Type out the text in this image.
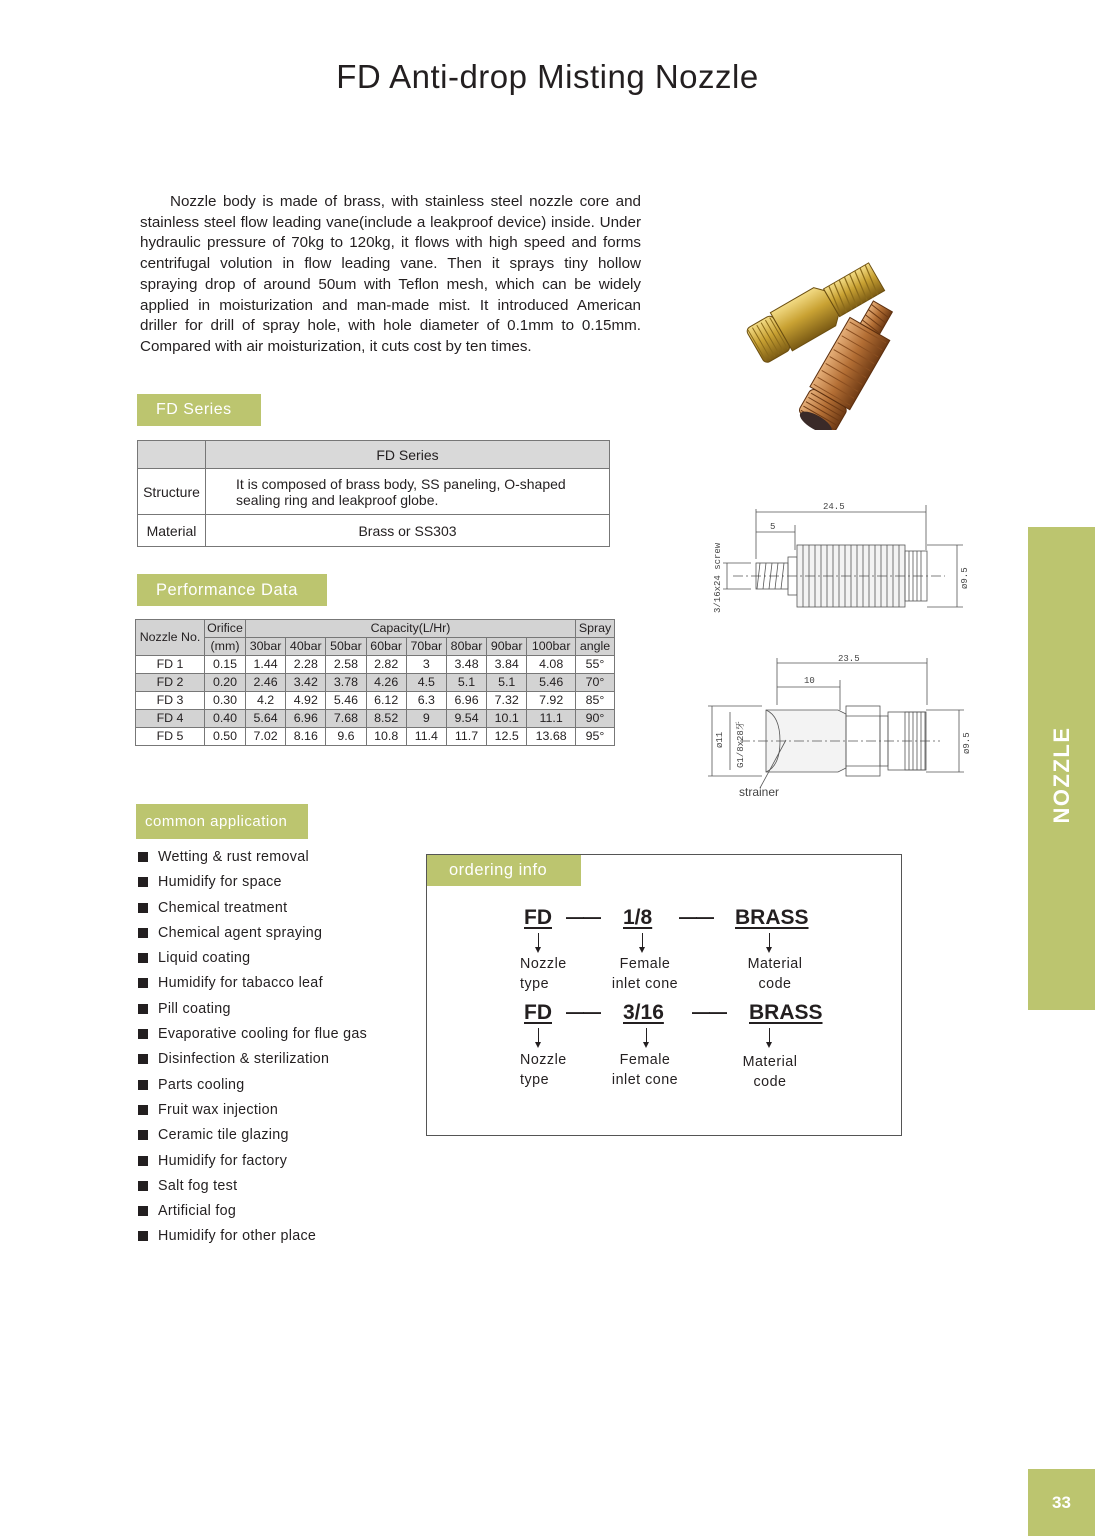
FD Anti-drop Misting Nozzle

Nozzle body is made of brass, with stainless steel nozzle core and stainless steel flow leading vane(include a leakproof device) inside. Under hydraulic pressure of 70kg to 120kg, it flows with high speed and forms centrifugal volution in flow leading vane. Then it sprays tiny hollow spraying drop of around 50um with Teflon mesh, which can be widely applied in moisturization and man-made mist. It introduced American driller for drill of spray hole, with hole diameter of 0.1mm to 0.15mm. Compared with air moisturization, it cuts cost by ten times.

FD Series
	FD Series
Structure	It is composed of brass body, SS paneling, O-shaped sealing ring and leakproof globe.
Material	Brass or SS303
24.5
5
3/16x24 screw	ø9.5
23.5
10
ø11 G1/8x28牙	ø9.5
strainer
Performance Data
Nozzle No.	Orifice	Capacity(L/Hr)								Spray
	(mm)	30bar	40bar	50bar	60bar	70bar	80bar	90bar	100bar	angle
FD 1	0.15	1.44	2.28	2.58	2.82	3	3.48	3.84	4.08	55°
FD 2	0.20	2.46	3.42	3.78	4.26	4.5	5.1	5.1	5.46	70°
FD 3	0.30	4.2	4.92	5.46	6.12	6.3	6.96	7.32	7.92	85°
FD 4	0.40	5.64	6.96	7.68	8.52	9	9.54	10.1	11.1	90°
FD 5	0.50	7.02	8.16	9.6	10.8	11.4	11.7	12.5	13.68	95°
common application
Wetting & rust removal
Humidify for space
Chemical treatment
Chemical agent spraying
Liquid coating
Humidify for tabacco leaf
Pill coating
Evaporative cooling for flue gas
Disinfection & sterilization
Parts cooling
Fruit wax injection
Ceramic tile glazing
Humidify for factory
Salt fog test
Artificial fog
Humidify for other place
FD —— 1/8 —— BRASS
Nozzle
type
Female
inlet cone
Material
code
FD —— 3/16 —— BRASS
Nozzle
type
Female
inlet cone
Material
code
ordering info
NOZZLE
33
